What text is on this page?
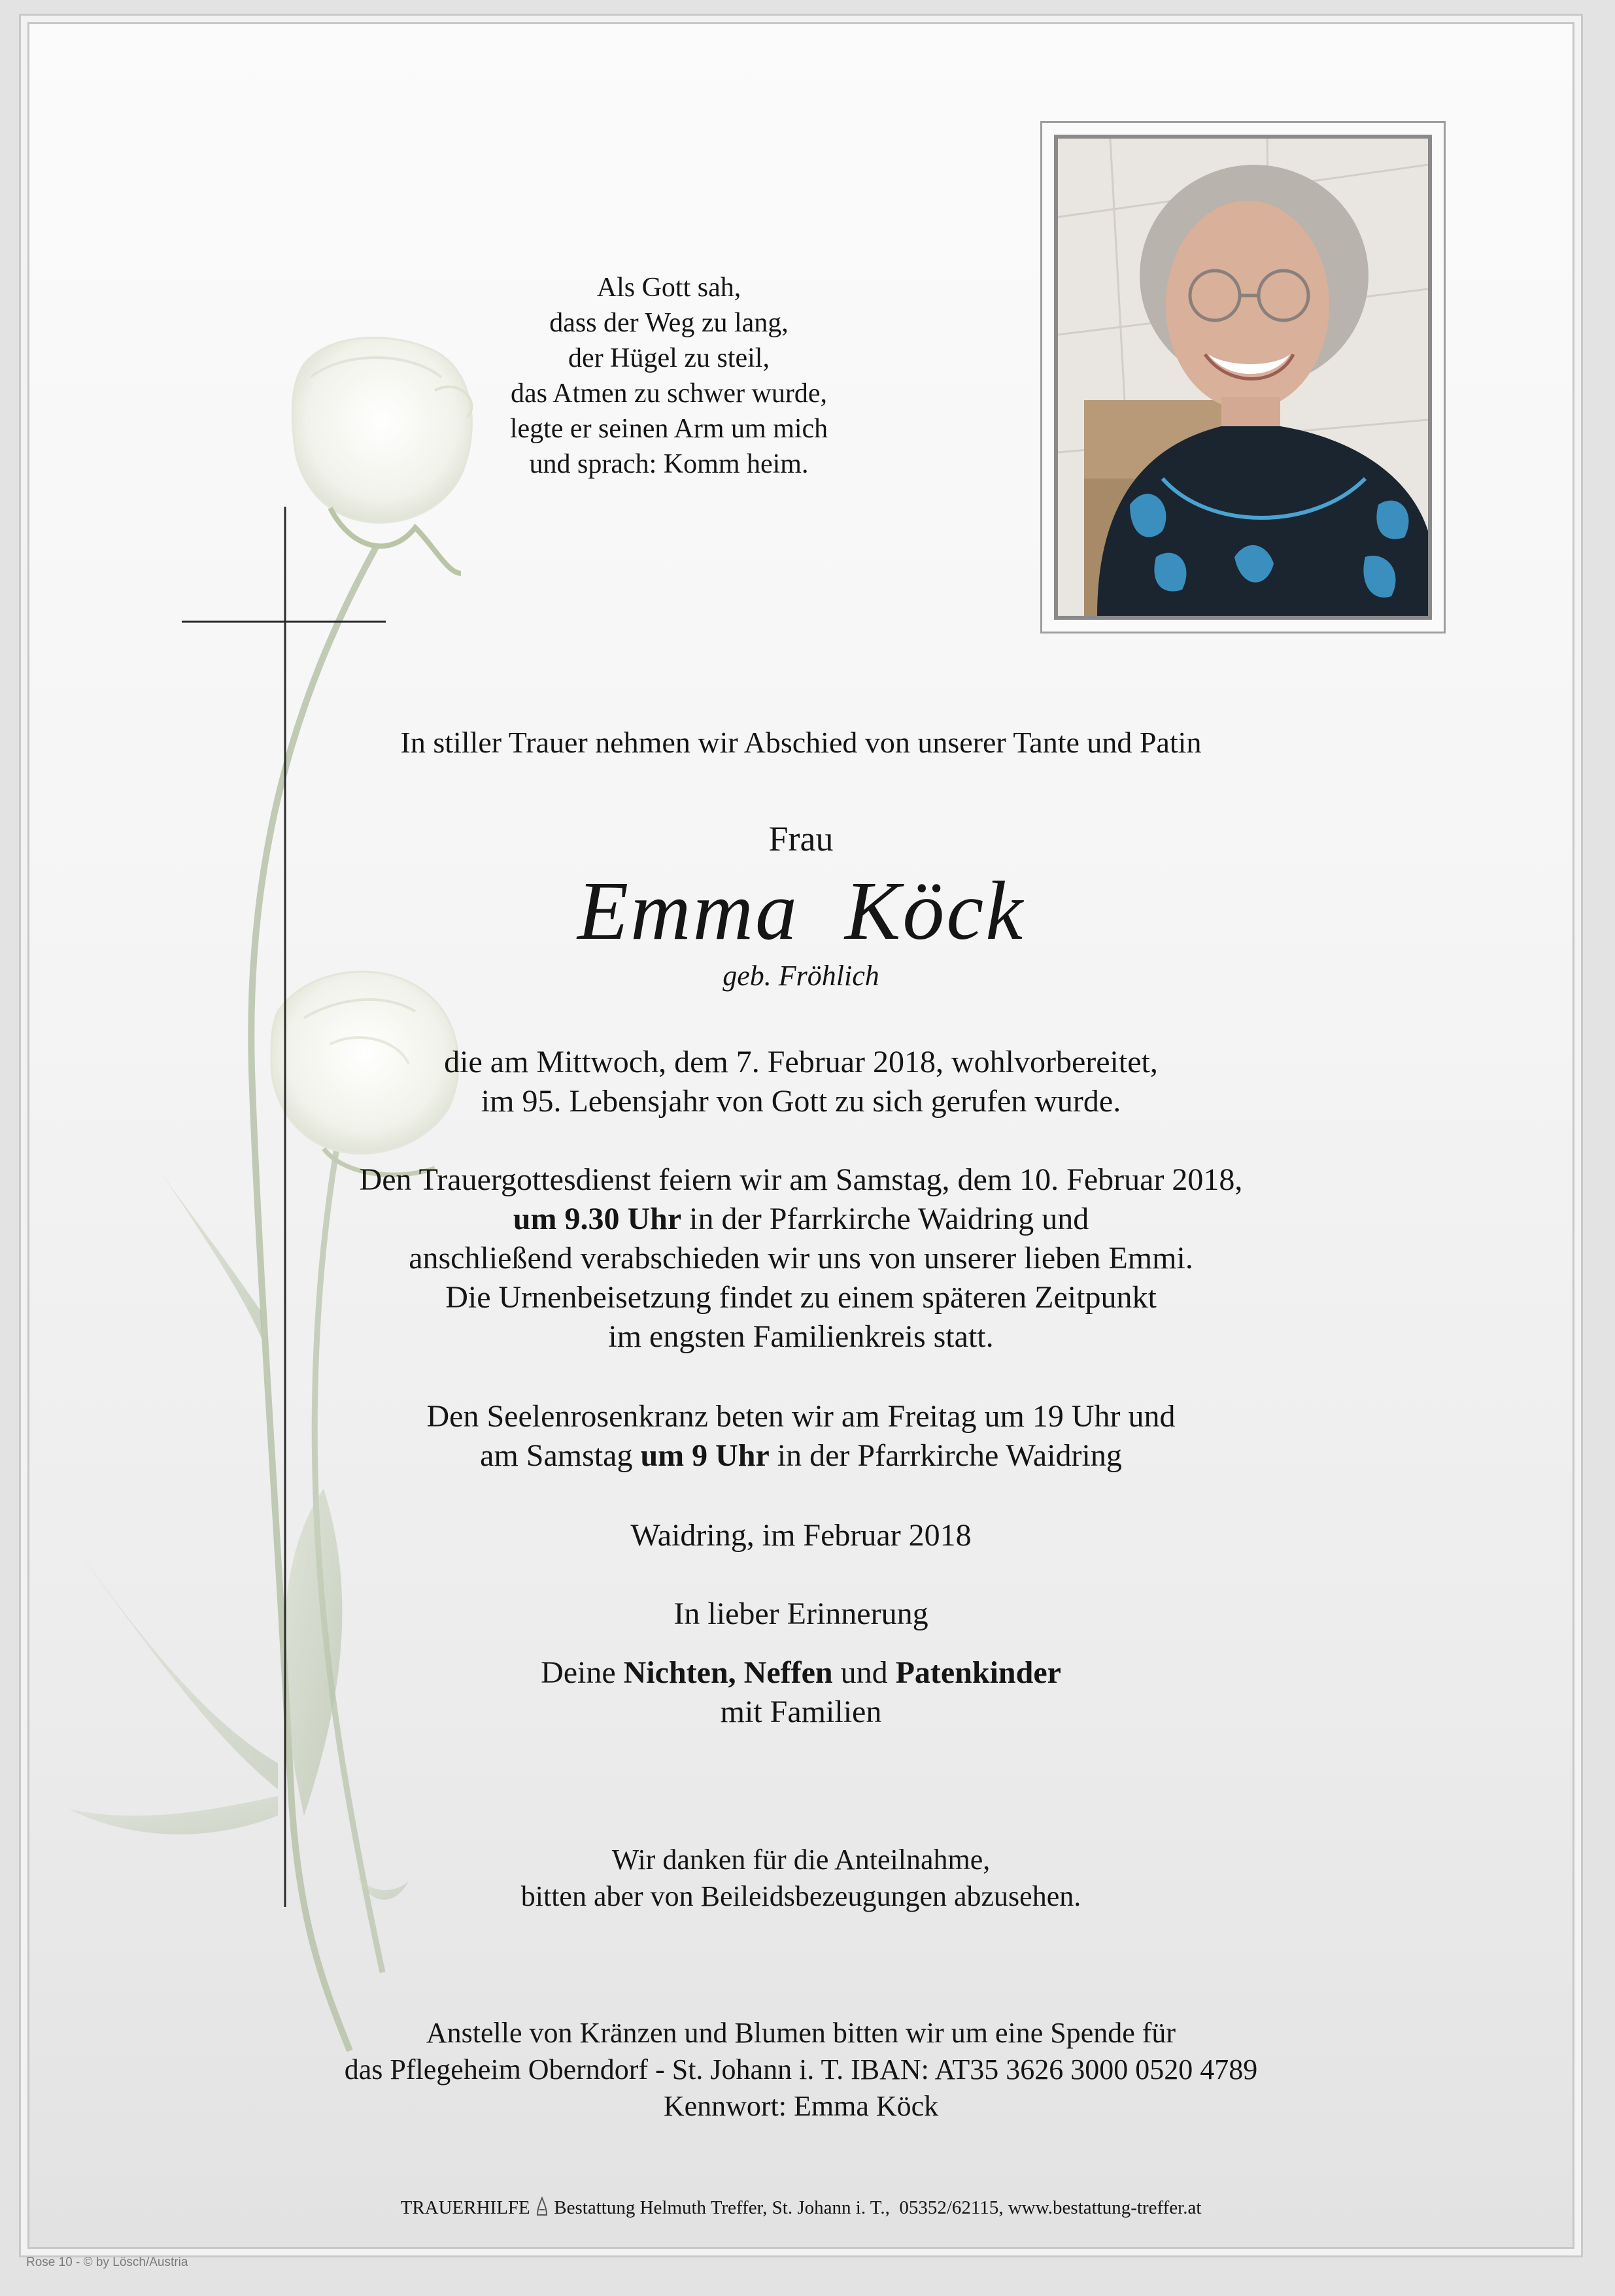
Als Gott sah,
dass der Weg zu lang,
der Hügel zu steil,
das Atmen zu schwer wurde,
legte er seinen Arm um mich
und sprach: Komm heim.
In stiller Trauer nehmen wir Abschied von unserer Tante und Patin
Frau
Emma  Köck
geb. Fröhlich
die am Mittwoch, dem 7. Februar 2018, wohlvorbereitet,
im 95. Lebensjahr von Gott zu sich gerufen wurde.
Den Trauergottesdienst feiern wir am Samstag, dem 10. Februar 2018,
um 9.30 Uhr in der Pfarrkirche Waidring und
anschließend verabschieden wir uns von unserer lieben Emmi.
Die Urnenbeisetzung findet zu einem späteren Zeitpunkt
im engsten Familienkreis statt.
Den Seelenrosenkranz beten wir am Freitag um 19 Uhr und
am Samstag um 9 Uhr in der Pfarrkirche Waidring
Waidring, im Februar 2018
In lieber Erinnerung
Deine Nichten, Neffen und Patenkinder
mit Familien
Wir danken für die Anteilnahme,
bitten aber von Beileidsbezeugungen abzusehen.
Anstelle von Kränzen und Blumen bitten wir um eine Spende für
das Pflegeheim Oberndorf - St. Johann i. T. IBAN: AT35 3626 3000 0520 4789
Kennwort: Emma Köck
TRAUERHILFE  Bestattung Helmuth Treffer, St. Johann i. T.,  05352/62115, www.bestattung-treffer.at
Rose 10 - © by Lösch/Austria
